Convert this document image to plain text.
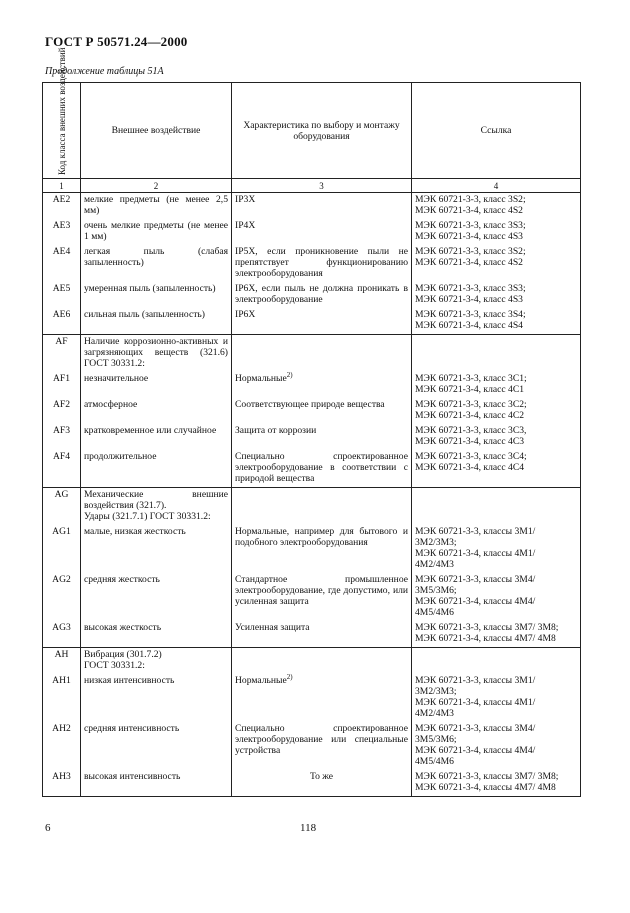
ГОСТ Р 50571.24—2000
Продолжение таблицы 51А
Код класса внешних воздействий	Внешнее воздействие	Характеристика по выбору и монтажу оборудования	Ссылка
1	2	3	4
AE2	мелкие предметы (не менее 2,5 мм)	IP3X	МЭК 60721-3-3, класс 3S2;
МЭК 60721-3-4, класс 4S2
AE3	очень мелкие предметы (не менее 1 мм)	IP4X	МЭК 60721-3-3, класс 3S3;
МЭК 60721-3-4, класс 4S3
AE4	легкая пыль (слабая запыленность)	IP5X, если проникновение пыли не препятствует функционированию электрооборудования	МЭК 60721-3-3, класс 3S2;
МЭК 60721-3-4, класс 4S2
AE5	умеренная пыль (запыленность)	IP6X, если пыль не должна проникать в электрооборудование	МЭК 60721-3-3, класс 3S3;
МЭК 60721-3-4, класс 4S3
AE6	сильная пыль (запыленность)	IP6X	МЭК 60721-3-3, класс 3S4;
МЭК 60721-3-4, класс 4S4
AF	Наличие коррозионно-активных и загрязняющих веществ (321.6) ГОСТ 30331.2:		
AF1	незначительное	Нормальные$^{2)}$	МЭК 60721-3-3, класс 3C1;
МЭК 60721-3-4, класс 4C1
AF2	атмосферное	Соответствующее природе вещества	МЭК 60721-3-3, класс 3C2;
МЭК 60721-3-4, класс 4C2
AF3	кратковременное или случайное	Защита от коррозии	МЭК 60721-3-3, класс 3C3,
МЭК 60721-3-4, класс 4C3
AF4	продолжительное	Специально спроектированное электрооборудование в соответствии с природой вещества	МЭК 60721-3-3, класс 3C4;
МЭК 60721-3-4, класс 4C4
AG	Механические внешние воздействия (321.7).
Удары (321.7.1) ГОСТ 30331.2:		
AG1	малые, низкая жесткость	Нормальные, например для бытового и подобного электрооборудования	МЭК 60721-3-3, классы 3M1/
3M2/3M3;
МЭК 60721-3-4, классы 4M1/
4M2/4M3
AG2	средняя жесткость	Стандартное промышленное электрооборудование, где допустимо, или усиленная защита	МЭК 60721-3-3, классы 3M4/
3M5/3M6;
МЭК 60721-3-4, классы 4M4/
4M5/4M6
AG3	высокая жесткость	Усиленная защита	МЭК 60721-3-3, классы 3M7/ 3M8;
МЭК 60721-3-4, классы 4M7/ 4M8
AH	Вибрация (301.7.2)
ГОСТ 30331.2:		
AH1	низкая интенсивность	Нормальные$^{2)}$	МЭК 60721-3-3, классы 3M1/
3M2/3M3;
МЭК 60721-3-4, классы 4M1/
4M2/4M3
AH2	средняя интенсивность	Специально спроектированное электрооборудование или специальные устройства	МЭК 60721-3-3, классы 3M4/
3M5/3M6;
МЭК 60721-3-4, классы 4M4/
4M5/4M6
AH3	высокая интенсивность	То же	МЭК 60721-3-3, классы 3M7/ 3M8;
МЭК 60721-3-4, классы 4M7/ 4M8
6	118
